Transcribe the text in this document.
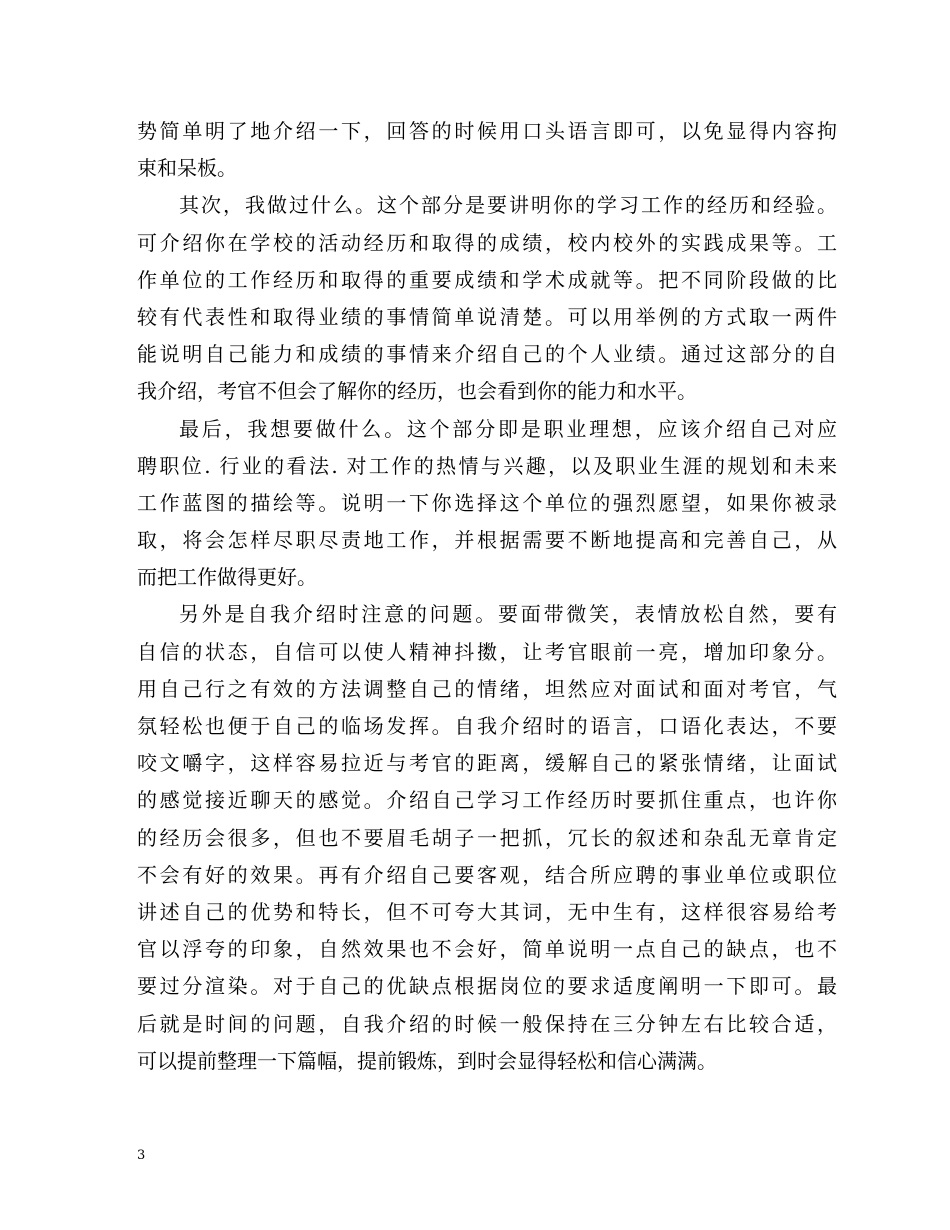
势简单明了地介绍一下，回答的时候用口头语言即可，以免显得内容拘
束和呆板。
其次，我做过什么。这个部分是要讲明你的学习工作的经历和经验。
可介绍你在学校的活动经历和取得的成绩，校内校外的实践成果等。工
作单位的工作经历和取得的重要成绩和学术成就等。把不同阶段做的比
较有代表性和取得业绩的事情简单说清楚。可以用举例的方式取一两件
能说明自己能力和成绩的事情来介绍自己的个人业绩。通过这部分的自
我介绍，考官不但会了解你的经历，也会看到你的能力和水平。
最后，我想要做什么。这个部分即是职业理想，应该介绍自己对应
聘职位. 行业的看法. 对工作的热情与兴趣，以及职业生涯的规划和未来
工作蓝图的描绘等。说明一下你选择这个单位的强烈愿望，如果你被录
取，将会怎样尽职尽责地工作，并根据需要不断地提高和完善自己，从
而把工作做得更好。
另外是自我介绍时注意的问题。要面带微笑，表情放松自然，要有
自信的状态，自信可以使人精神抖擞，让考官眼前一亮，增加印象分。
用自己行之有效的方法调整自己的情绪，坦然应对面试和面对考官，气
氛轻松也便于自己的临场发挥。自我介绍时的语言，口语化表达，不要
咬文嚼字，这样容易拉近与考官的距离，缓解自己的紧张情绪，让面试
的感觉接近聊天的感觉。介绍自己学习工作经历时要抓住重点，也许你
的经历会很多，但也不要眉毛胡子一把抓，冗长的叙述和杂乱无章肯定
不会有好的效果。再有介绍自己要客观，结合所应聘的事业单位或职位
讲述自己的优势和特长，但不可夸大其词，无中生有，这样很容易给考
官以浮夸的印象，自然效果也不会好，简单说明一点自己的缺点，也不
要过分渲染。对于自己的优缺点根据岗位的要求适度阐明一下即可。最
后就是时间的问题，自我介绍的时候一般保持在三分钟左右比较合适，
可以提前整理一下篇幅，提前锻炼，到时会显得轻松和信心满满。
3
